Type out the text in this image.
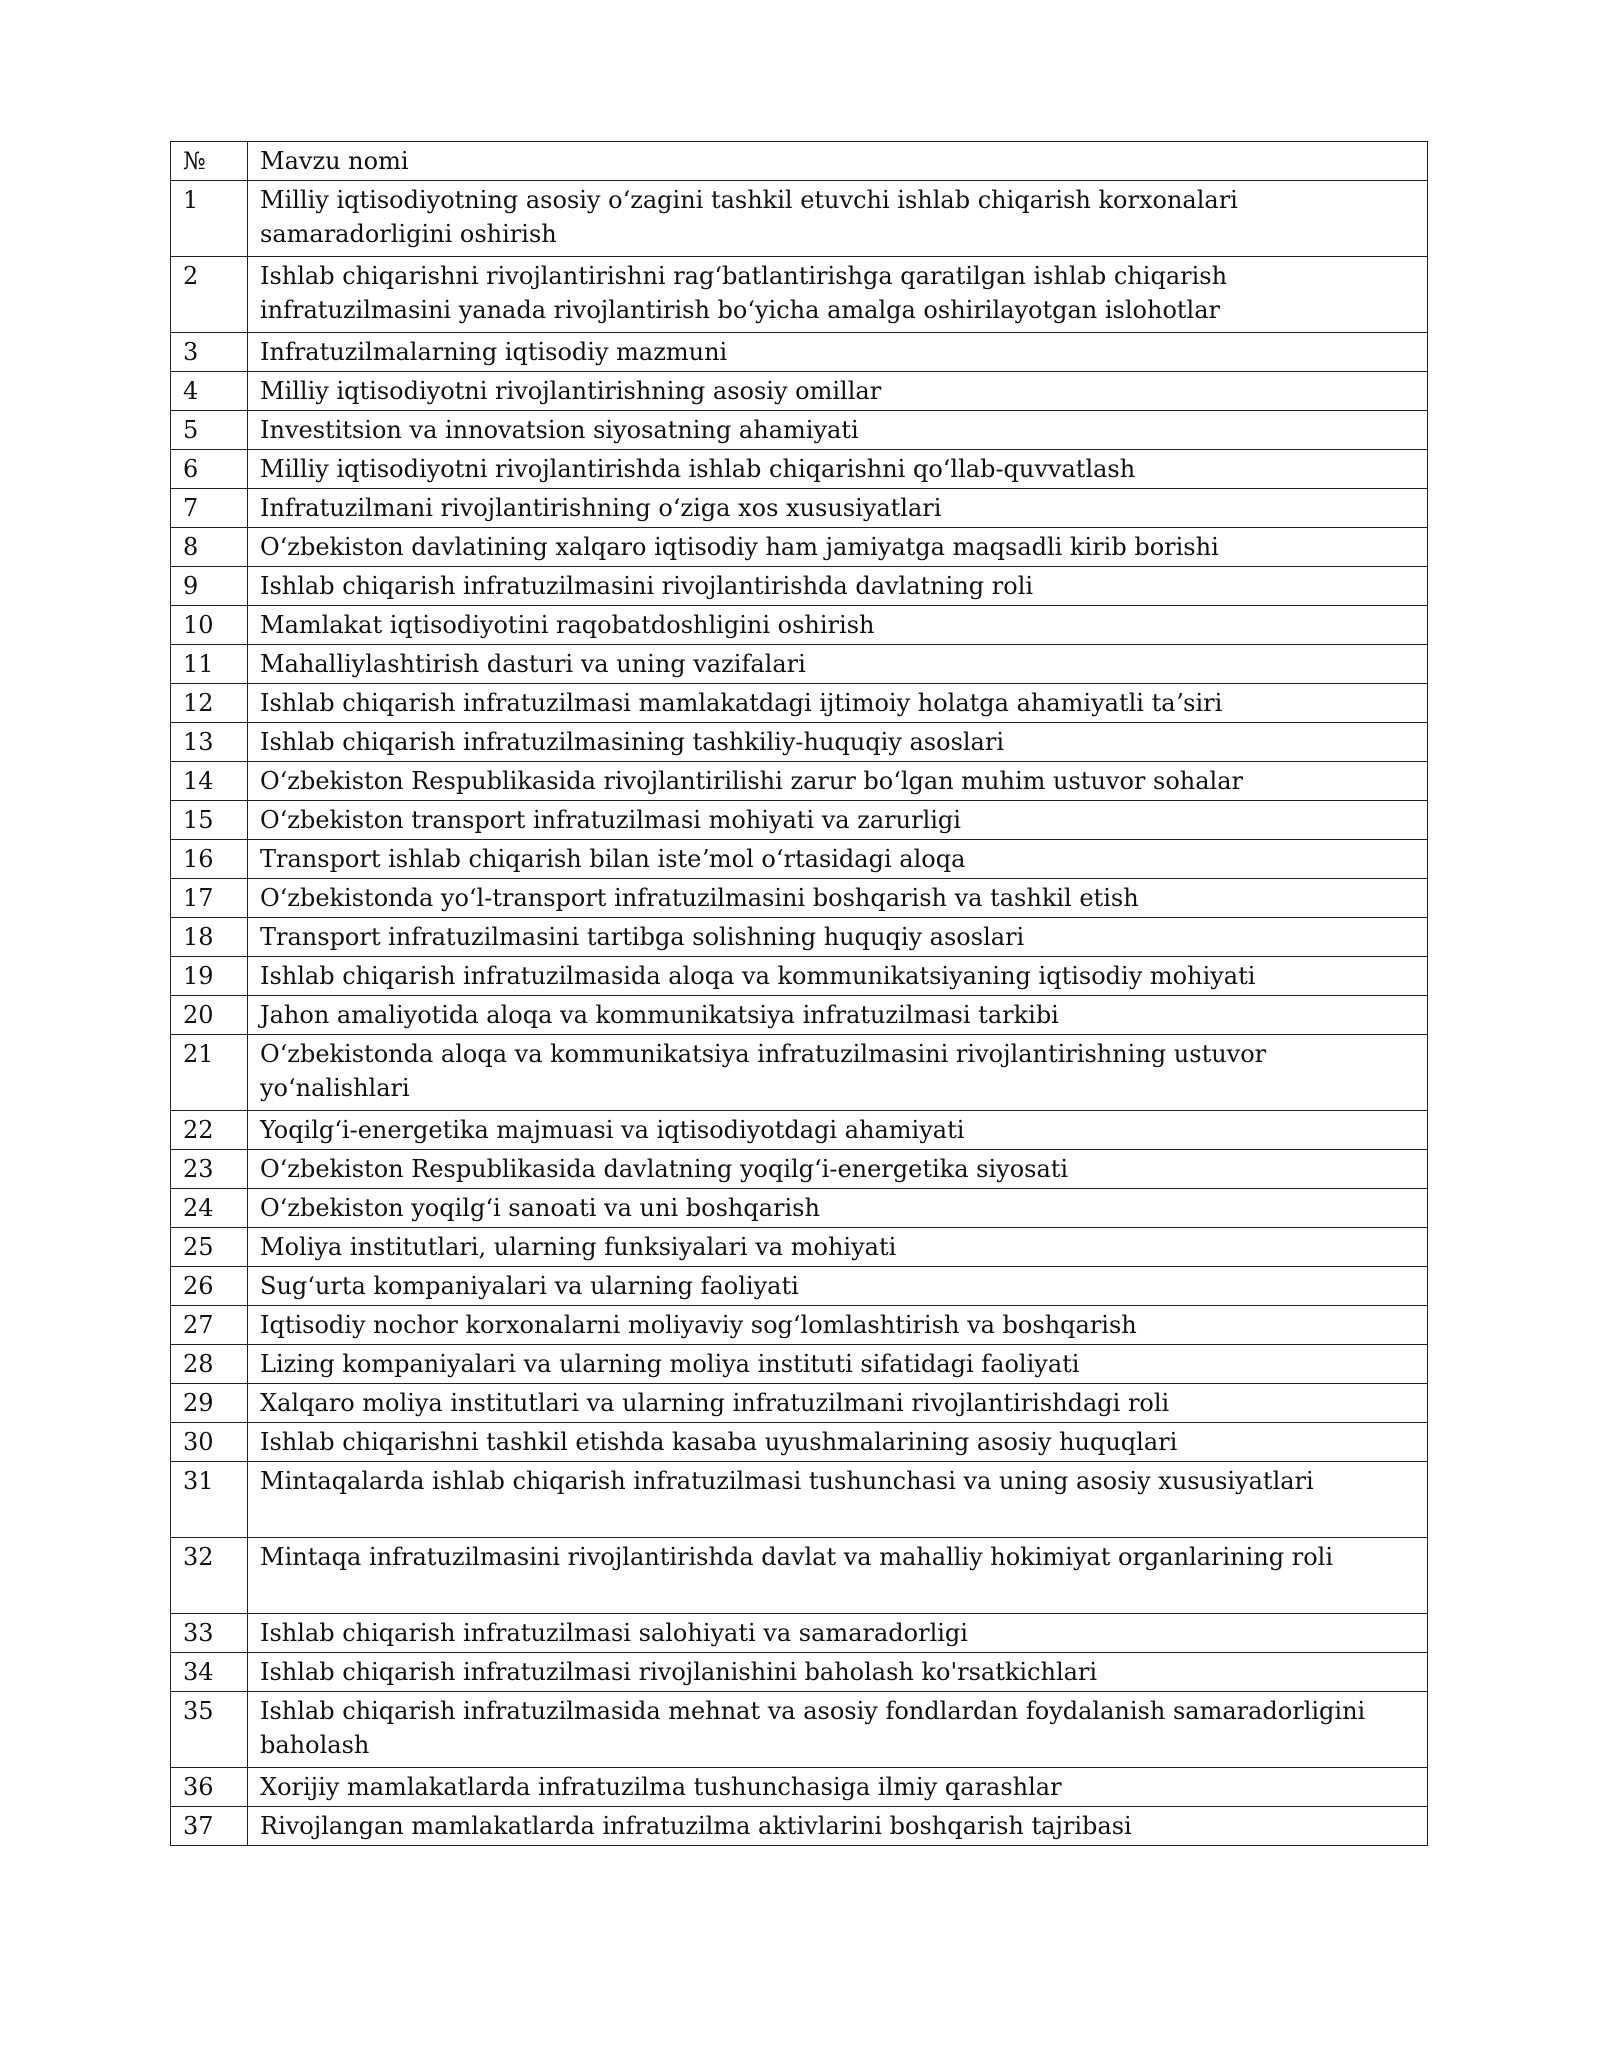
№	Mavzu nomi
1	Milliy iqtisodiyotning asosiy oʻzagini tashkil etuvchi ishlab chiqarish korxonalari samaradorligini oshirish
2	Ishlab chiqarishni rivojlantirishni ragʻbatlantirishga qaratilgan ishlab chiqarish infratuzilmasini yanada rivojlantirish boʻyicha amalga oshirilayotgan islohotlar
3	Infratuzilmalarning iqtisodiy mazmuni
4	Milliy iqtisodiyotni rivojlantirishning asosiy omillar
5	Investitsion va innovatsion siyosatning ahamiyati
6	Milliy iqtisodiyotni rivojlantirishda ishlab chiqarishni qoʻllab-quvvatlash
7	Infratuzilmani rivojlantirishning oʻziga xos xususiyatlari
8	Oʻzbekiston davlatining xalqaro iqtisodiy ham jamiyatga maqsadli kirib borishi
9	Ishlab chiqarish infratuzilmasini rivojlantirishda davlatning roli
10	Mamlakat iqtisodiyotini raqobatdoshligini oshirish
11	Mahalliylashtirish dasturi va uning vazifalari
12	Ishlab chiqarish infratuzilmasi mamlakatdagi ijtimoiy holatga ahamiyatli taʼsiri
13	Ishlab chiqarish infratuzilmasining tashkiliy-huquqiy asoslari
14	Oʻzbekiston Respublikasida rivojlantirilishi zarur boʻlgan muhim ustuvor sohalar
15	Oʻzbekiston transport infratuzilmasi mohiyati va zarurligi
16	Transport ishlab chiqarish bilan isteʼmol oʻrtasidagi aloqa
17	Oʻzbekistonda yoʻl-transport infratuzilmasini boshqarish va tashkil etish
18	Transport infratuzilmasini tartibga solishning huquqiy asoslari
19	Ishlab chiqarish infratuzilmasida aloqa va kommunikatsiyaning iqtisodiy mohiyati
20	Jahon amaliyotida aloqa va kommunikatsiya infratuzilmasi tarkibi
21	Oʻzbekistonda aloqa va kommunikatsiya infratuzilmasini rivojlantirishning ustuvor yoʻnalishlari
22	Yoqilgʻi-energetika majmuasi va iqtisodiyotdagi ahamiyati
23	Oʻzbekiston Respublikasida davlatning yoqilgʻi-energetika siyosati
24	Oʻzbekiston yoqilgʻi sanoati va uni boshqarish
25	Moliya institutlari, ularning funksiyalari va mohiyati
26	Sugʻurta kompaniyalari va ularning faoliyati
27	Iqtisodiy nochor korxonalarni moliyaviy sogʻlomlashtirish va boshqarish
28	Lizing kompaniyalari va ularning moliya instituti sifatidagi faoliyati
29	Xalqaro moliya institutlari va ularning infratuzilmani rivojlantirishdagi roli
30	Ishlab chiqarishni tashkil etishda kasaba uyushmalarining asosiy huquqlari
31	Mintaqalarda ishlab chiqarish infratuzilmasi tushunchasi va uning asosiy xususiyatlari
32	Mintaqa infratuzilmasini rivojlantirishda davlat va mahalliy hokimiyat organlarining roli
33	Ishlab chiqarish infratuzilmasi salohiyati va samaradorligi
34	Ishlab chiqarish infratuzilmasi rivojlanishini baholash ko'rsatkichlari
35	Ishlab chiqarish infratuzilmasida mehnat va asosiy fondlardan foydalanish samaradorligini baholash
36	Xorijiy mamlakatlarda infratuzilma tushunchasiga ilmiy qarashlar
37	Rivojlangan mamlakatlarda infratuzilma aktivlarini boshqarish tajribasi
